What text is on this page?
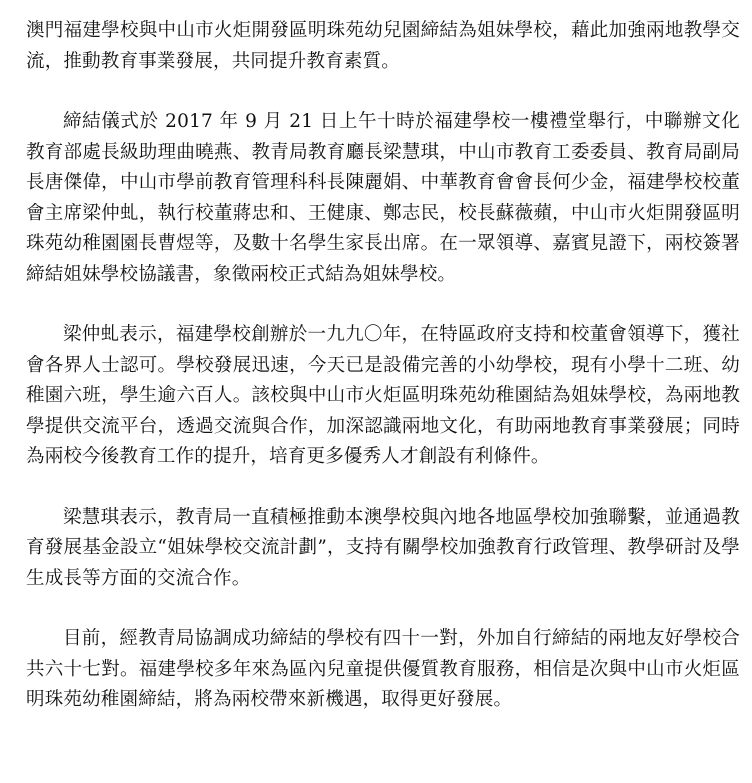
澳門福建學校與中山市火炬開發區明珠苑幼兒園締結為姐妹學校，藉此加強兩地教學交流，推動教育事業發展，共同提升教育素質。

締結儀式於 2017 年 9 月 21 日上午十時於福建學校一樓禮堂舉行，中聯辦文化教育部處長級助理曲曉燕、教青局教育廳長梁慧琪，中山市教育工委委員、教育局副局長唐傑偉，中山市學前教育管理科科長陳麗娟、中華教育會會長何少金，福建學校校董會主席梁仲虬，執行校董蔣忠和、王健康、鄭志民，校長蘇薇蘋，中山市火炬開發區明珠苑幼稚園園長曹煜等，及數十名學生家長出席。在一眾領導、嘉賓見證下，兩校簽署締結姐妹學校協議書，象徵兩校正式結為姐妹學校。

梁仲虬表示，福建學校創辦於一九九〇年，在特區政府支持和校董會領導下，獲社會各界人士認可。學校發展迅速，今天已是設備完善的小幼學校，現有小學十二班、幼稚園六班，學生逾六百人。該校與中山市火炬區明珠苑幼稚園結為姐妹學校，為兩地教學提供交流平台，透過交流與合作，加深認識兩地文化，有助兩地教育事業發展；同時為兩校今後教育工作的提升，培育更多優秀人才創設有利條件。

梁慧琪表示，教青局一直積極推動本澳學校與內地各地區學校加強聯繫，並通過教育發展基金設立“姐妹學校交流計劃”，支持有關學校加強教育行政管理、教學研討及學生成長等方面的交流合作。

目前，經教青局協調成功締結的學校有四十一對，外加自行締結的兩地友好學校合共六十七對。福建學校多年來為區內兒童提供優質教育服務，相信是次與中山市火炬區明珠苑幼稚園締結，將為兩校帶來新機遇，取得更好發展。
